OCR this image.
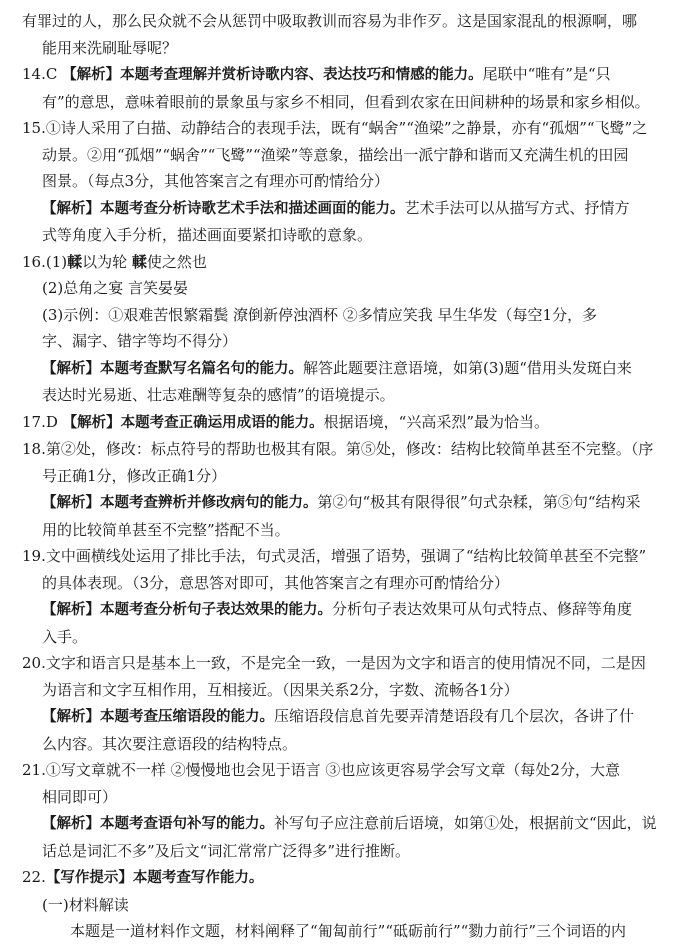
有罪过的人，那么民众就不会从惩罚中吸取教训而容易为非作歹。这是国家混乱的根源啊，哪
能用来洗刷耻辱呢？
14.C 【解析】本题考查理解并赏析诗歌内容、表达技巧和情感的能力。尾联中“唯有”是“只
有”的意思，意味着眼前的景象虽与家乡不相同，但看到农家在田间耕种的场景和家乡相似。
15.①诗人采用了白描、动静结合的表现手法，既有“蜗舍”“渔梁”之静景，亦有“孤烟”“飞鹭”之
动景。②用“孤烟”“蜗舍”“飞鹭”“渔梁”等意象，描绘出一派宁静和谐而又充满生机的田园
图景。（每点3分，其他答案言之有理亦可酌情给分）
【解析】本题考查分析诗歌艺术手法和描述画面的能力。艺术手法可以从描写方式、抒情方
式等角度入手分析，描述画面要紧扣诗歌的意象。
16.(1)輮以为轮 輮使之然也
(2)总角之宴 言笑晏晏
(3)示例：①艰难苦恨繁霜鬓 潦倒新停浊酒杯 ②多情应笑我 早生华发（每空1分，多
字、漏字、错字等均不得分）
【解析】本题考查默写名篇名句的能力。解答此题要注意语境，如第(3)题“借用头发斑白来
表达时光易逝、壮志难酬等复杂的感情”的语境提示。
17.D 【解析】本题考查正确运用成语的能力。根据语境，“兴高采烈”最为恰当。
18.第②处，修改：标点符号的帮助也极其有限。第⑤处，修改：结构比较简单甚至不完整。（序
号正确1分，修改正确1分）
【解析】本题考查辨析并修改病句的能力。第②句“极其有限得很”句式杂糅，第⑤句“结构采
用的比较简单甚至不完整”搭配不当。
19.文中画横线处运用了排比手法，句式灵活，增强了语势，强调了“结构比较简单甚至不完整”
的具体表现。（3分，意思答对即可，其他答案言之有理亦可酌情给分）
【解析】本题考查分析句子表达效果的能力。分析句子表达效果可从句式特点、修辞等角度
入手。
20.文字和语言只是基本上一致，不是完全一致，一是因为文字和语言的使用情况不同，二是因
为语言和文字互相作用，互相接近。（因果关系2分，字数、流畅各1分）
【解析】本题考查压缩语段的能力。压缩语段信息首先要弄清楚语段有几个层次，各讲了什
么内容。其次要注意语段的结构特点。
21.①写文章就不一样 ②慢慢地也会见于语言 ③也应该更容易学会写文章（每处2分，大意
相同即可）
【解析】本题考查语句补写的能力。补写句子应注意前后语境，如第①处，根据前文“因此，说
话总是词汇不多”及后文“词汇常常广泛得多”进行推断。
22.【写作提示】本题考查写作能力。
(一)材料解读
本题是一道材料作文题，材料阐释了“匍匐前行”“砥砺前行”“勠力前行”三个词语的内
